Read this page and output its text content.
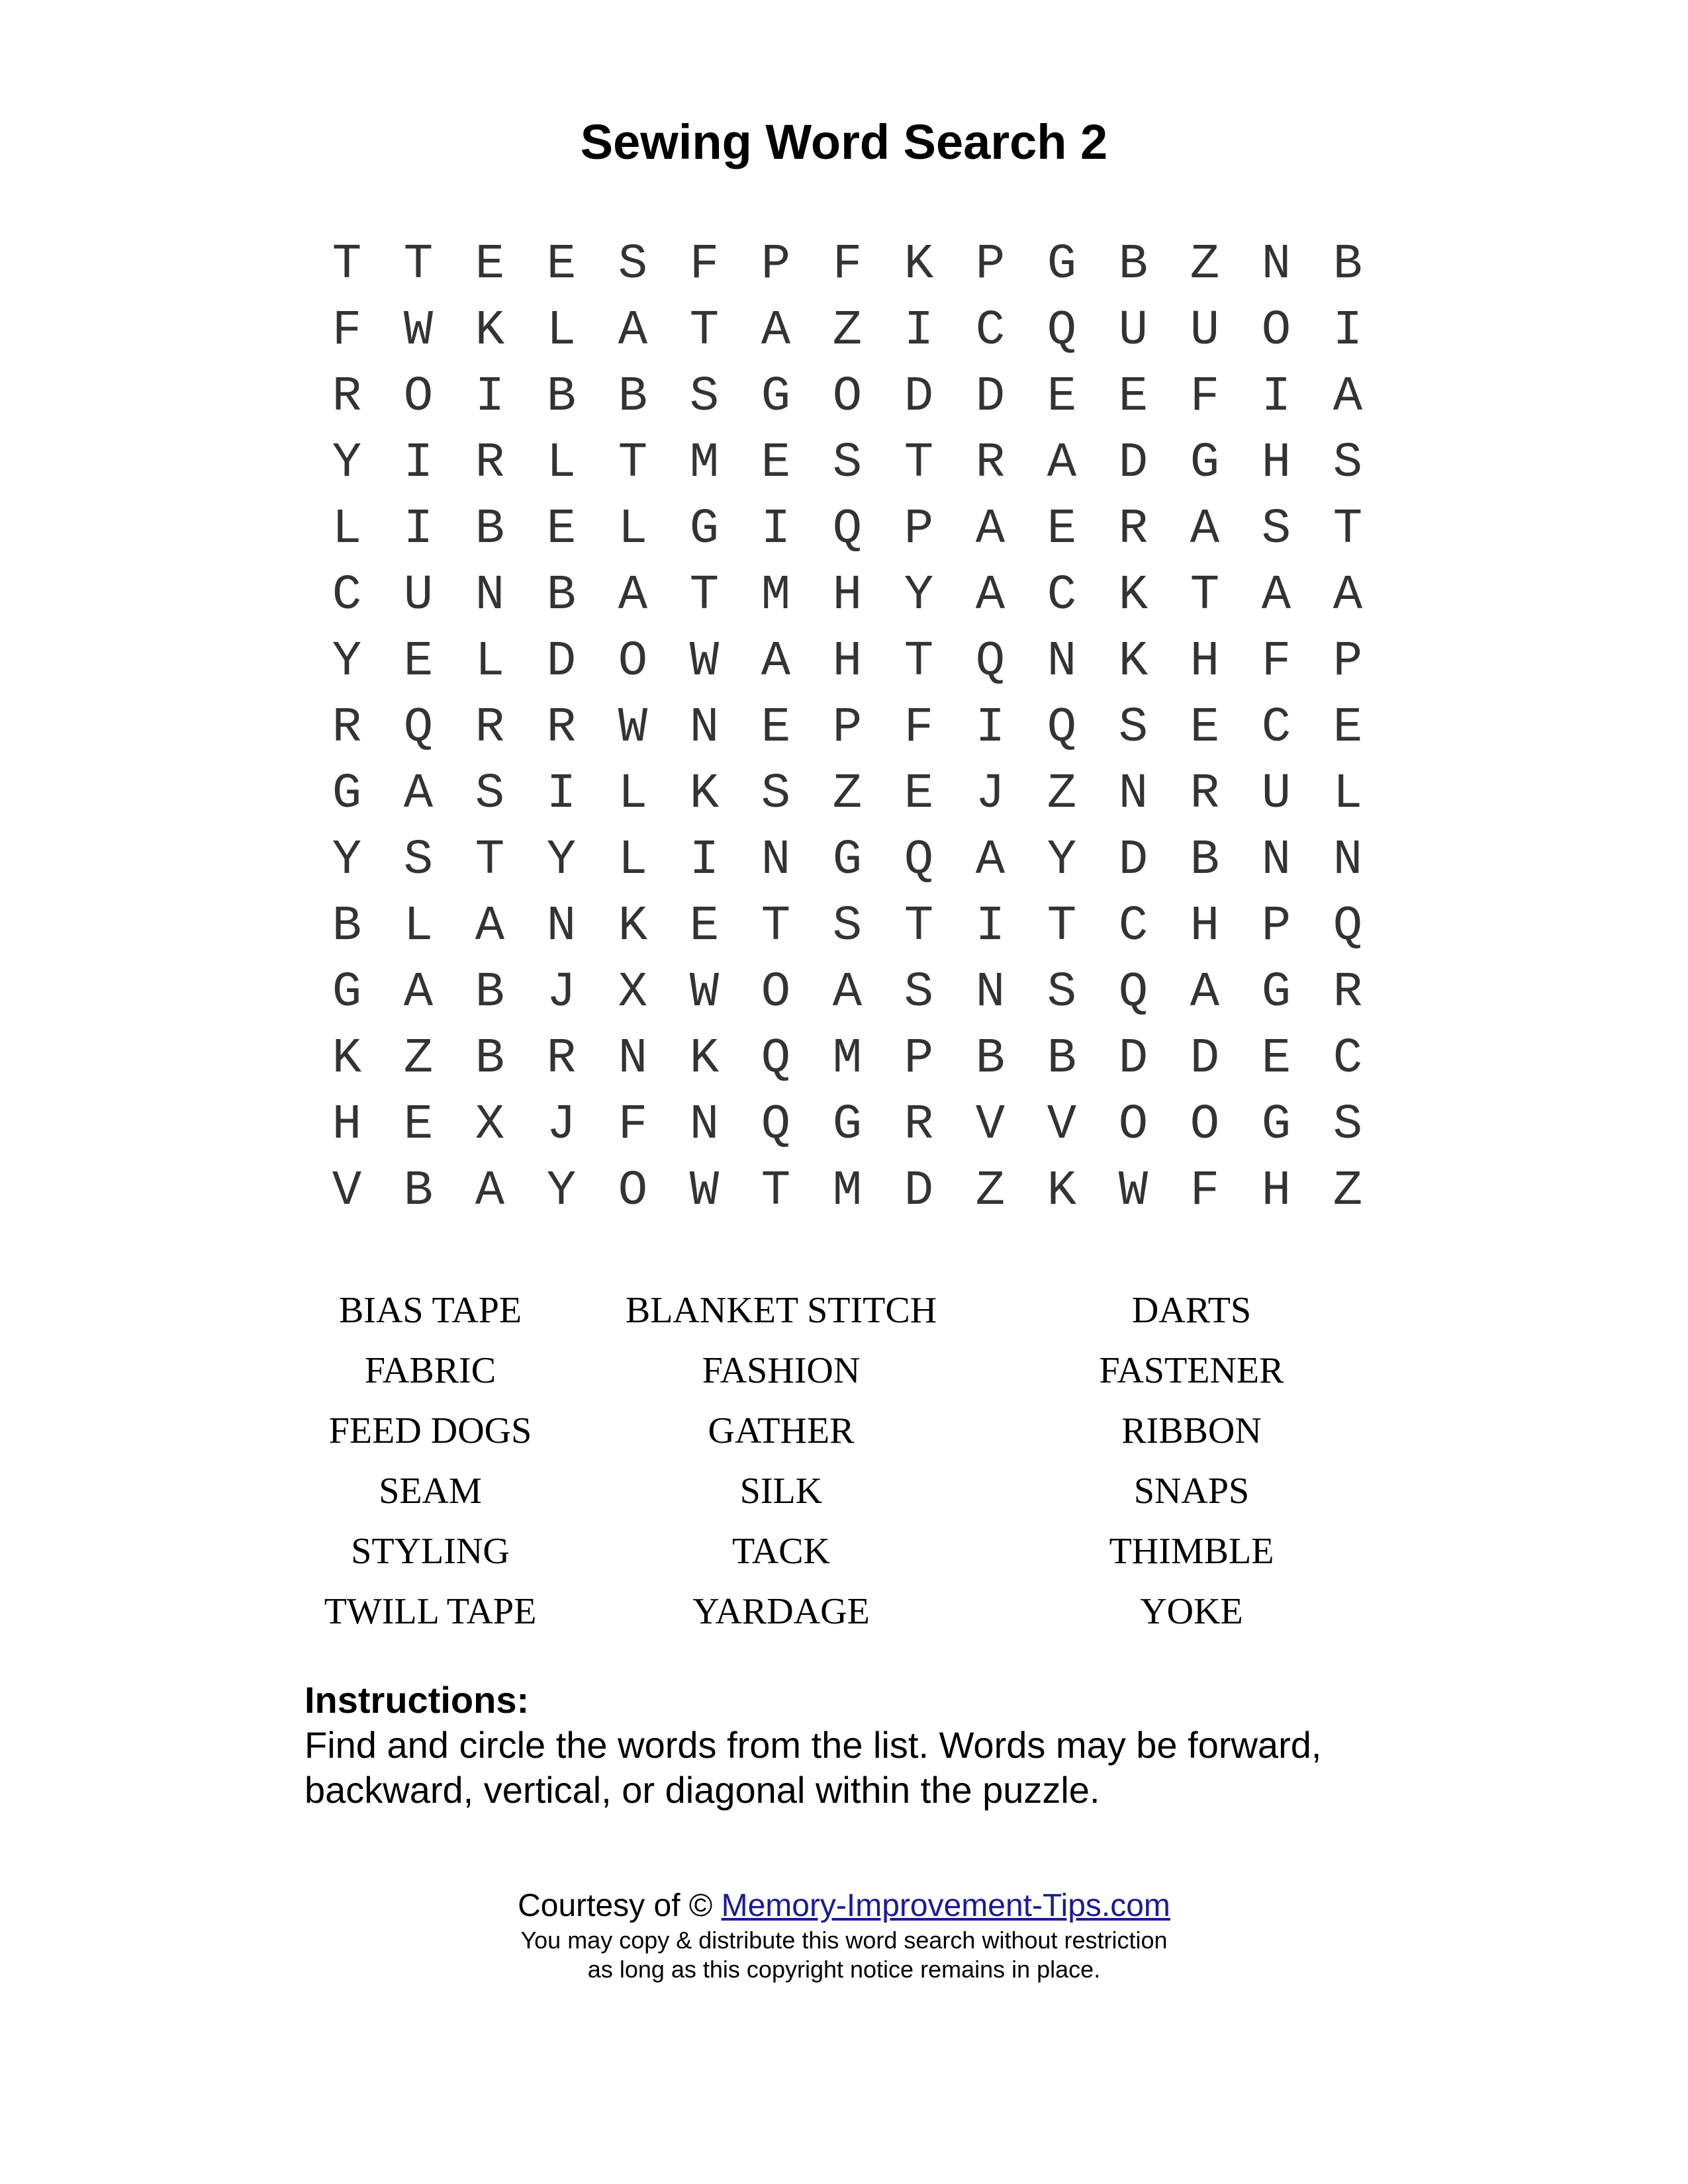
Sewing Word Search 2
T T E E S F P F K P G B Z N B
F W K L A T A Z I C Q U U O I
R O I B B S G O D D E E F I A
Y I R L T M E S T R A D G H S
L I B E L G I Q P A E R A S T
C U N B A T M H Y A C K T A A
Y E L D O W A H T Q N K H F P
R Q R R W N E P F I Q S E C E
G A S I L K S Z E J Z N R U L
Y S T Y L I N G Q A Y D B N N
B L A N K E T S T I T C H P Q
G A B J X W O A S N S Q A G R
K Z B R N K Q M P B B D D E C
H E X J F N Q G R V V O O G S
V B A Y O W T M D Z K W F H Z
BIAS TAPE	BLANKET STITCH	DARTS
FABRIC	FASHION	FASTENER
FEED DOGS	GATHER	RIBBON
SEAM	SILK	SNAPS
STYLING	TACK	THIMBLE
TWILL TAPE	YARDAGE	YOKE
Instructions:
Find and circle the words from the list. Words may be forward, backward, vertical, or diagonal within the puzzle.
Courtesy of © Memory-Improvement-Tips.com
You may copy & distribute this word search without restriction
as long as this copyright notice remains in place.
